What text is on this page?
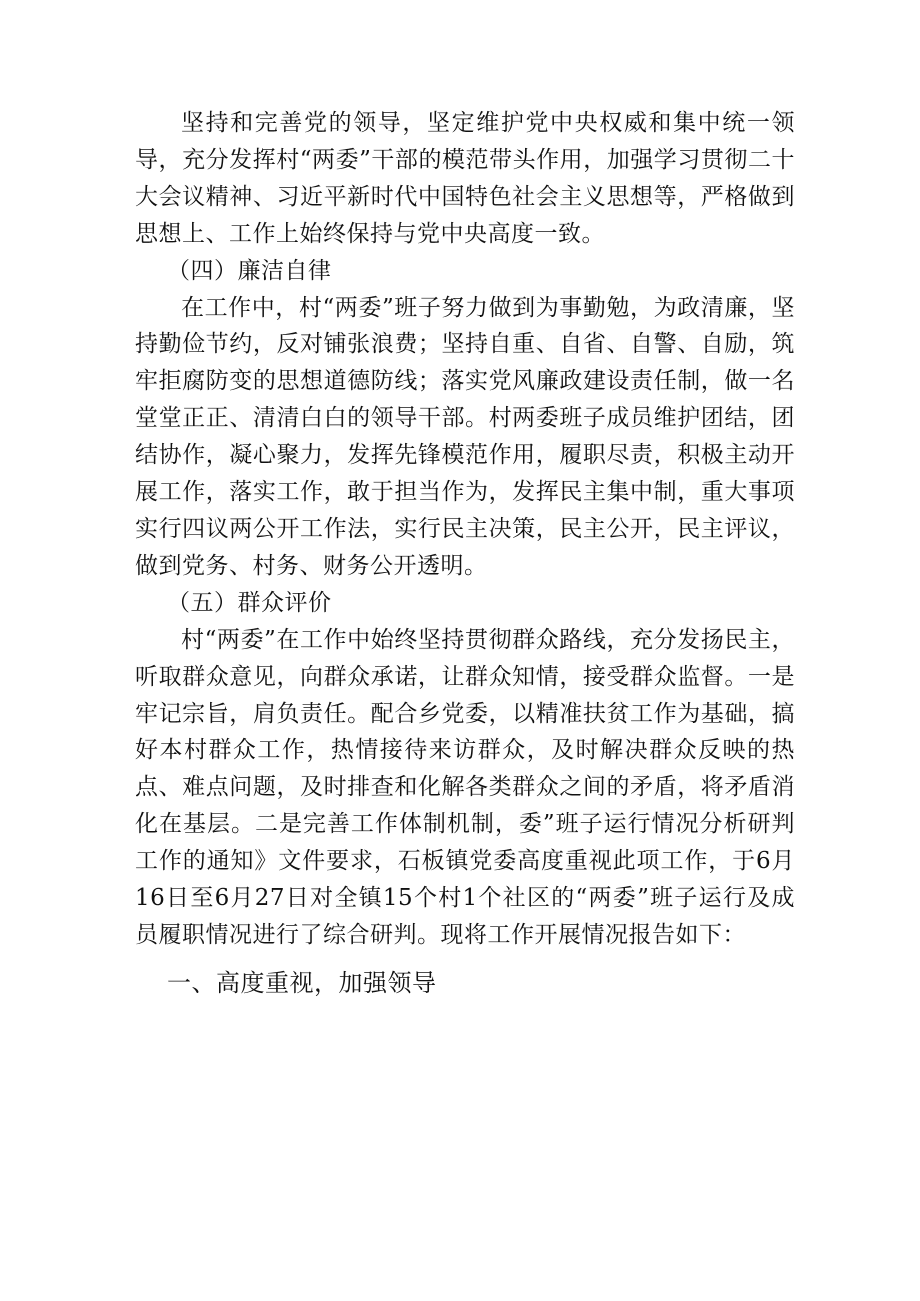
坚持和完善党的领导，坚定维护党中央权威和集中统一领导，充分发挥村“两委”干部的模范带头作用，加强学习贯彻二十大会议精神、习近平新时代中国特色社会主义思想等，严格做到思想上、工作上始终保持与党中央高度一致。

（四）廉洁自律

在工作中，村“两委”班子努力做到为事勤勉，为政清廉，坚持勤俭节约，反对铺张浪费；坚持自重、自省、自警、自励，筑牢拒腐防变的思想道德防线；落实党风廉政建设责任制，做一名堂堂正正、清清白白的领导干部。村两委班子成员维护团结，团结协作，凝心聚力，发挥先锋模范作用，履职尽责，积极主动开展工作，落实工作，敢于担当作为，发挥民主集中制，重大事项实行四议两公开工作法，实行民主决策，民主公开，民主评议，做到党务、村务、财务公开透明。

（五）群众评价

村“两委”在工作中始终坚持贯彻群众路线，充分发扬民主，听取群众意见，向群众承诺，让群众知情，接受群众监督。一是牢记宗旨，肩负责任。配合乡党委，以精准扶贫工作为基础，搞好本村群众工作，热情接待来访群众，及时解决群众反映的热点、难点问题，及时排查和化解各类群众之间的矛盾，将矛盾消化在基层。二是完善工作体制机制，委”班子运行情况分析研判工作的通知》文件要求，石板镇党委高度重视此项工作，于6月16日至6月27日对全镇15个村1个社区的“两委”班子运行及成员履职情况进行了综合研判。现将工作开展情况报告如下：

一、高度重视，加强领导
